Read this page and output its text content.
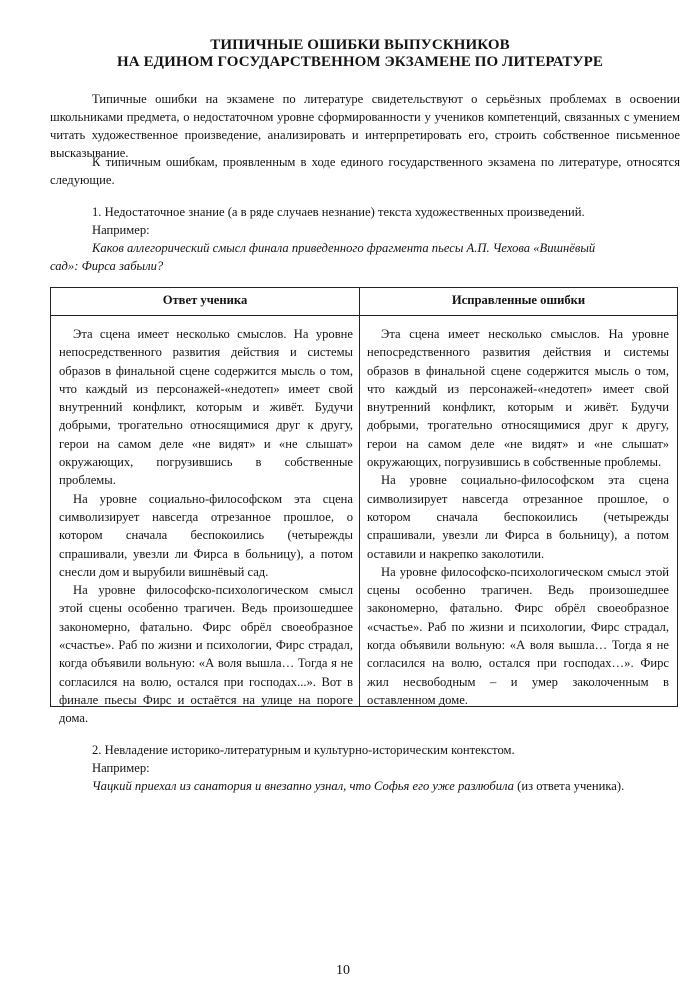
ТИПИЧНЫЕ ОШИБКИ ВЫПУСКНИКОВ
НА ЕДИНОМ ГОСУДАРСТВЕННОМ ЭКЗАМЕНЕ ПО ЛИТЕРАТУРЕ
Типичные ошибки на экзамене по литературе свидетельствуют о серьёзных проблемах в освоении школьниками предмета, о недостаточном уровне сформированности у учеников компетенций, связанных с умением читать художественное произведение, анализировать и интерпретировать его, строить собственное письменное высказывание.
К типичным ошибкам, проявленным в ходе единого государственного экзамена по литературе, относятся следующие.
1. Недостаточное знание (а в ряде случаев незнание) текста художественных произведений.
Например:
Каков аллегорический смысл финала приведенного фрагмента пьесы А.П. Чехова «Вишнёвый
сад»: Фирса забыли?
Ответ ученика	Исправленные ошибки

Эта сцена имеет несколько смыслов. На уровне непосредственного развития действия и системы образов в финальной сцене содержится мысль о том, что каждый из персонажей-«недотеп» имеет свой внутренний конфликт, которым и живёт. Будучи добрыми, трогательно относящимися друг к другу, герои на самом деле «не видят» и «не слышат» окружающих, погрузившись в собственные проблемы.

На уровне социально-философском эта сцена символизирует навсегда отрезанное прошлое, о котором сначала беспокоились (четырежды спрашивали, увезли ли Фирса в больницу), а потом снесли дом и вырубили вишнёвый сад.

На уровне философско-психологическом смысл этой сцены особенно трагичен. Ведь произошедшее закономерно, фатально. Фирс обрёл своеобразное «счастье». Раб по жизни и психологии, Фирс страдал, когда объявили вольную: «А воля вышла… Тогда я не согласился на волю, остался при господах...». Вот в финале пьесы Фирс и остаётся на улице на пороге дома.

Эта сцена имеет несколько смыслов. На уровне непосредственного развития действия и системы образов в финальной сцене содержится мысль о том, что каждый из персонажей-«недотеп» имеет свой внутренний конфликт, которым и живёт. Будучи добрыми, трогательно относящимися друг к другу, герои на самом деле «не видят» и «не слышат» окружающих, погрузившись в собственные проблемы.

На уровне социально-философском эта сцена символизирует навсегда отрезанное прошлое, о котором сначала беспокоились (четырежды спрашивали, увезли ли Фирса в больницу), а потом оставили и накрепко заколотили.

На уровне философско-психологическом смысл этой сцены особенно трагичен. Ведь произошедшее закономерно, фатально. Фирс обрёл своеобразное «счастье». Раб по жизни и психологии, Фирс страдал, когда объявили вольную: «А воля вышла… Тогда я не согласился на волю, остался при господах…». Фирс жил несвободным – и умер заколоченным в оставленном доме.

2. Невладение историко-литературным и культурно-историческим контекстом.
Например:
Чацкий приехал из санатория и внезапно узнал, что Софья его уже разлюбила (из ответа ученика).
10
